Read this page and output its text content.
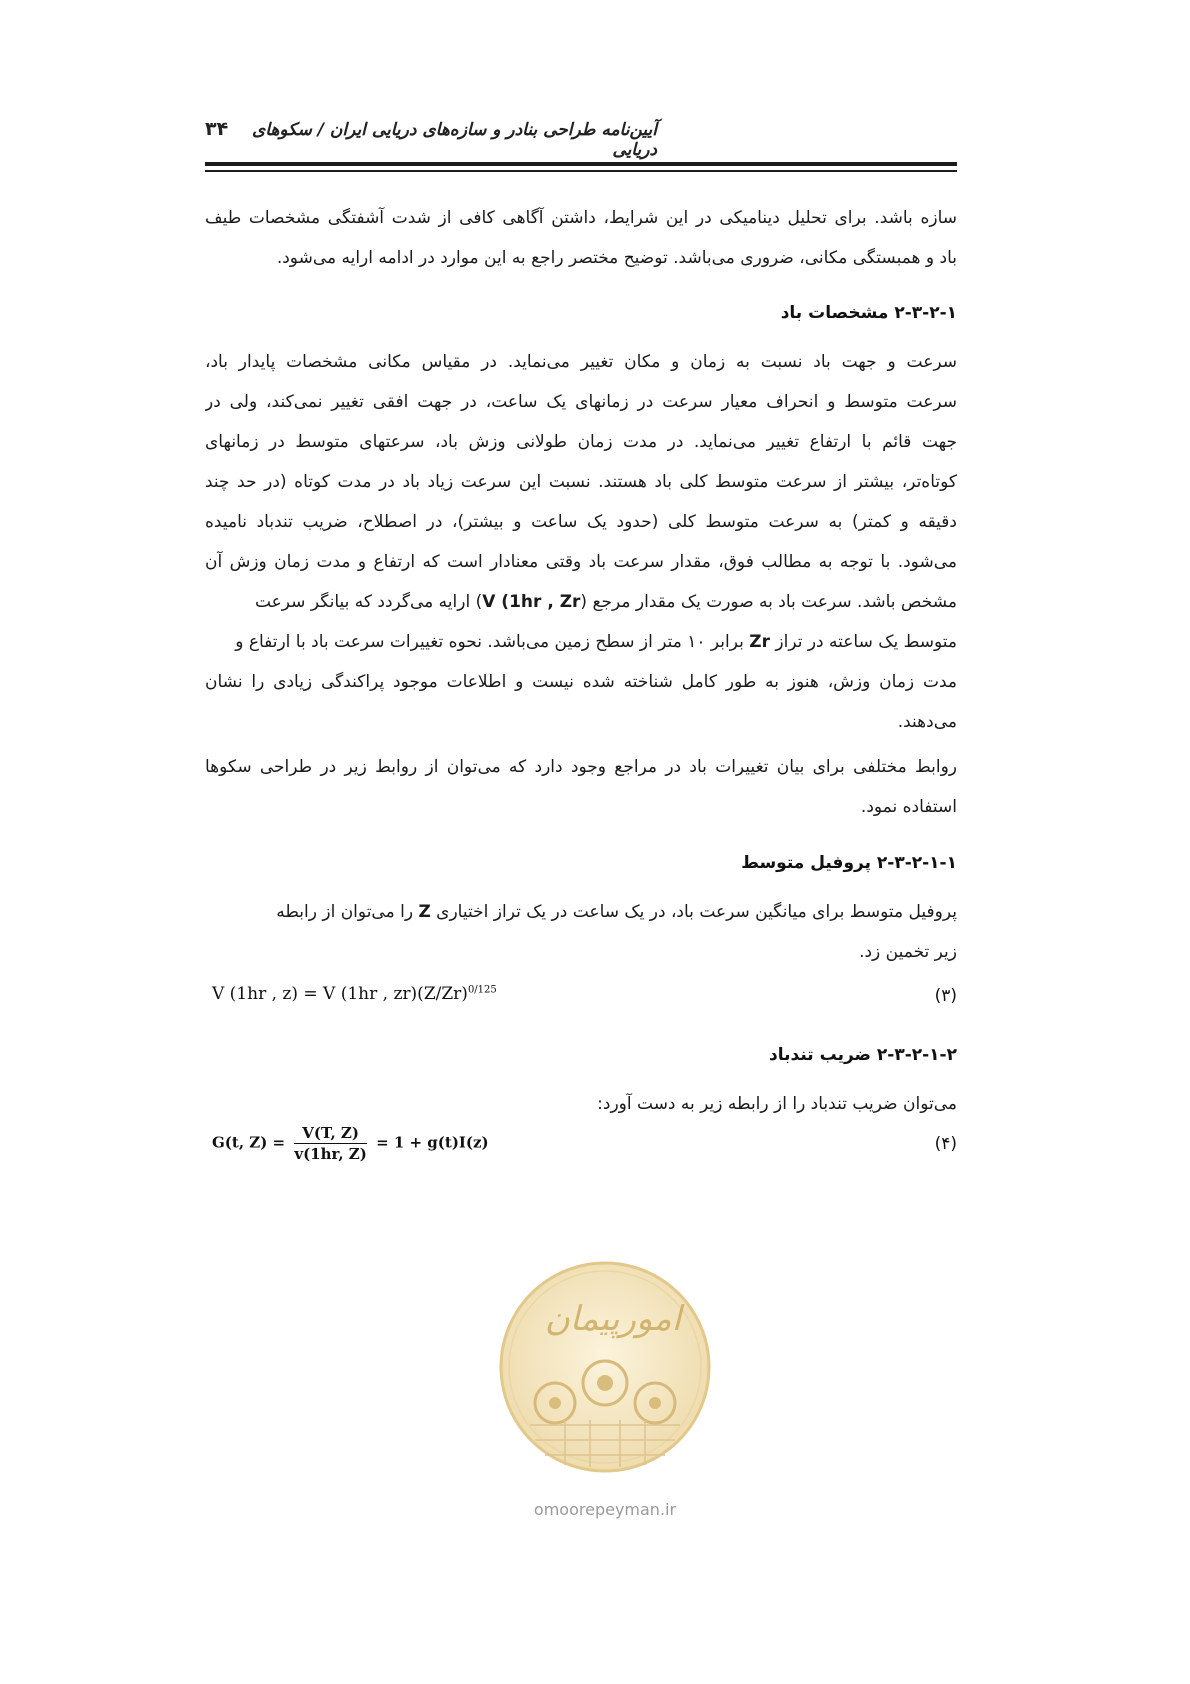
آیین‌نامه طراحی بنادر و سازه‌های دریایی ایران / سکوهای دریایی
۳۴
سازه باشد. برای تحلیل دینامیکی در این شرایط، داشتن آگاهی کافی از شدت آشفتگی مشخصات طیف
باد و همبستگی مکانی، ضروری می‌باشد. توضیح مختصر راجع به این موارد در ادامه ارایه می‌شود.
۲-۳-۲-۱ مشخصات باد
سرعت و جهت باد نسبت به زمان و مکان تغییر می‌نماید. در مقیاس مکانی مشخصات پایدار باد،
سرعت متوسط و انحراف معیار سرعت در زمانهای یک ساعت، در جهت افقی تغییر نمی‌کند، ولی در
جهت قائم با ارتفاع تغییر می‌نماید. در مدت زمان طولانی وزش باد، سرعتهای متوسط در زمانهای
کوتاه‌تر، بیشتر از سرعت متوسط کلی باد هستند. نسبت این سرعت زیاد باد در مدت کوتاه (در حد چند
دقیقه و کمتر) به سرعت متوسط کلی (حدود یک ساعت و بیشتر)، در اصطلاح، ضریب تندباد نامیده
می‌شود. با توجه به مطالب فوق، مقدار سرعت باد وقتی معنادار است که ارتفاع و مدت زمان وزش آن
مشخص باشد. سرعت باد به صورت یک مقدار مرجع (V (1hr , Zr) ارایه می‌گردد که بیانگر سرعت
متوسط یک ساعته در تراز Zr برابر ۱۰ متر از سطح زمین می‌باشد. نحوه تغییرات سرعت باد با ارتفاع و
مدت زمان وزش، هنوز به طور کامل شناخته شده نیست و اطلاعات موجود پراکندگی زیادی را نشان
می‌دهند.
روابط مختلفی برای بیان تغییرات باد در مراجع وجود دارد که می‌توان از روابط زیر در طراحی سکوها
استفاده نمود.
۲-۳-۲-۱-۱ پروفیل متوسط
پروفیل متوسط برای میانگین سرعت باد، در یک ساعت در یک تراز اختیاری Z را می‌توان از رابطه
زیر تخمین زد.
V (1hr , z) = V (1hr , $zr)(Z/Zr)^{0/125}$	(۳)
۲-۳-۲-۱-۲ ضریب تندباد
می‌توان ضریب تندباد را از رابطه زیر به دست آورد:
G(t, $Z) = \frac{V(T, Z)}{v(1hr, Z)} = 1 + g(t)I(z)$	(۴)
امورپیمان
omoorepeyman.ir
